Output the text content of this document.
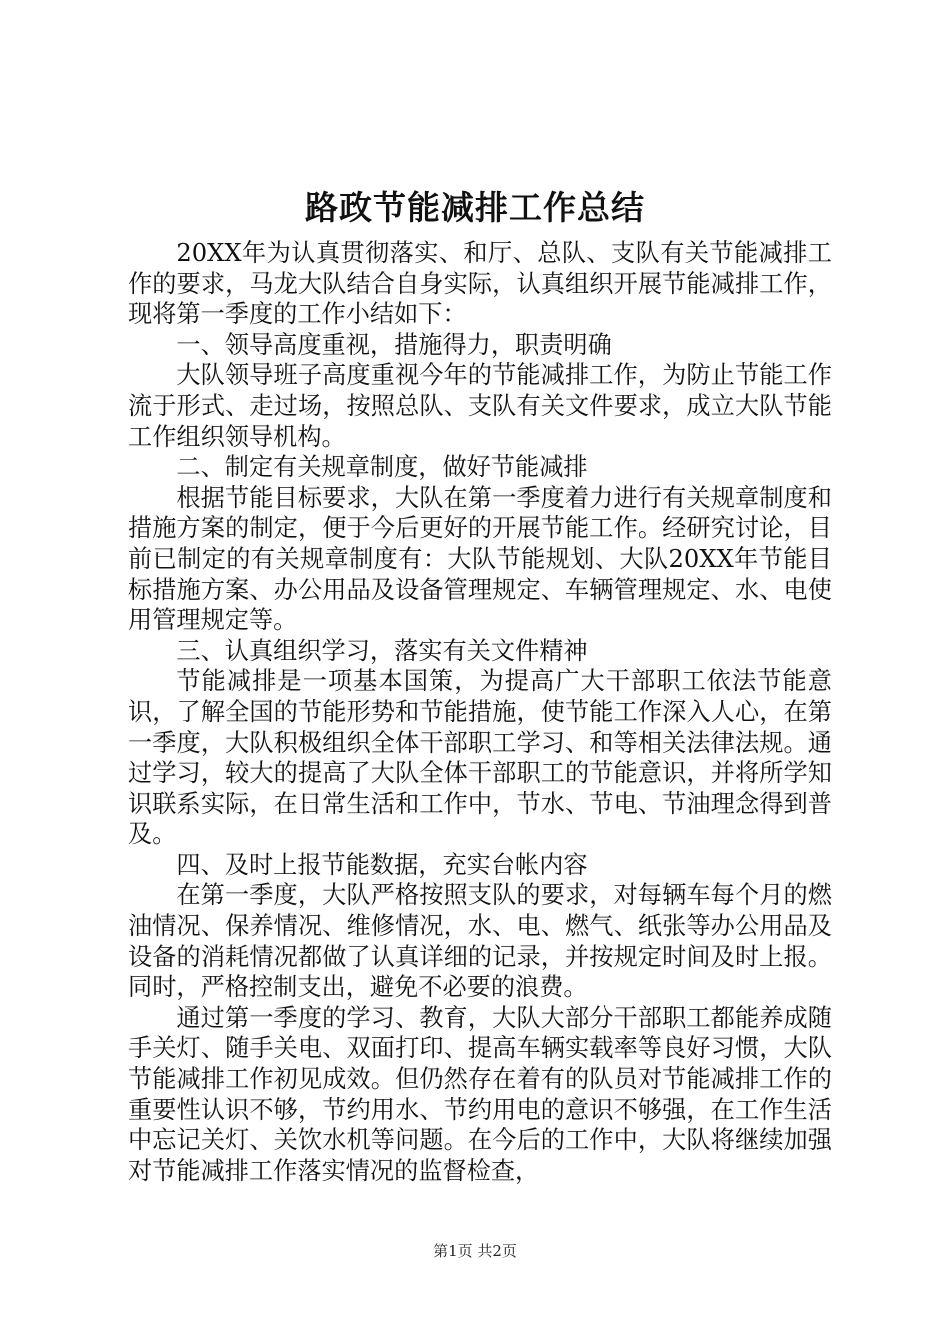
路政节能减排工作总结

20XX年为认真贯彻落实、和厅、总队、支队有关节能减排工作的要求，马龙大队结合自身实际，认真组织开展节能减排工作，现将第一季度的工作小结如下：

一、领导高度重视，措施得力，职责明确

大队领导班子高度重视今年的节能减排工作，为防止节能工作流于形式、走过场，按照总队、支队有关文件要求，成立大队节能工作组织领导机构。

二、制定有关规章制度，做好节能减排

根据节能目标要求，大队在第一季度着力进行有关规章制度和措施方案的制定，便于今后更好的开展节能工作。经研究讨论，目前已制定的有关规章制度有：大队节能规划、大队20XX年节能目标措施方案、办公用品及设备管理规定、车辆管理规定、水、电使用管理规定等。

三、认真组织学习，落实有关文件精神

节能减排是一项基本国策，为提高广大干部职工依法节能意识，了解全国的节能形势和节能措施，使节能工作深入人心，在第一季度，大队积极组织全体干部职工学习、和等相关法律法规。通过学习，较大的提高了大队全体干部职工的节能意识，并将所学知识联系实际，在日常生活和工作中，节水、节电、节油理念得到普及。

四、及时上报节能数据，充实台帐内容

在第一季度，大队严格按照支队的要求，对每辆车每个月的燃油情况、保养情况、维修情况，水、电、燃气、纸张等办公用品及设备的消耗情况都做了认真详细的记录，并按规定时间及时上报。同时，严格控制支出，避免不必要的浪费。

通过第一季度的学习、教育，大队大部分干部职工都能养成随手关灯、随手关电、双面打印、提高车辆实载率等良好习惯，大队节能减排工作初见成效。但仍然存在着有的队员对节能减排工作的重要性认识不够，节约用水、节约用电的意识不够强，在工作生活中忘记关灯、关饮水机等问题。在今后的工作中，大队将继续加强对节能减排工作落实情况的监督检查，

第1页 共2页
